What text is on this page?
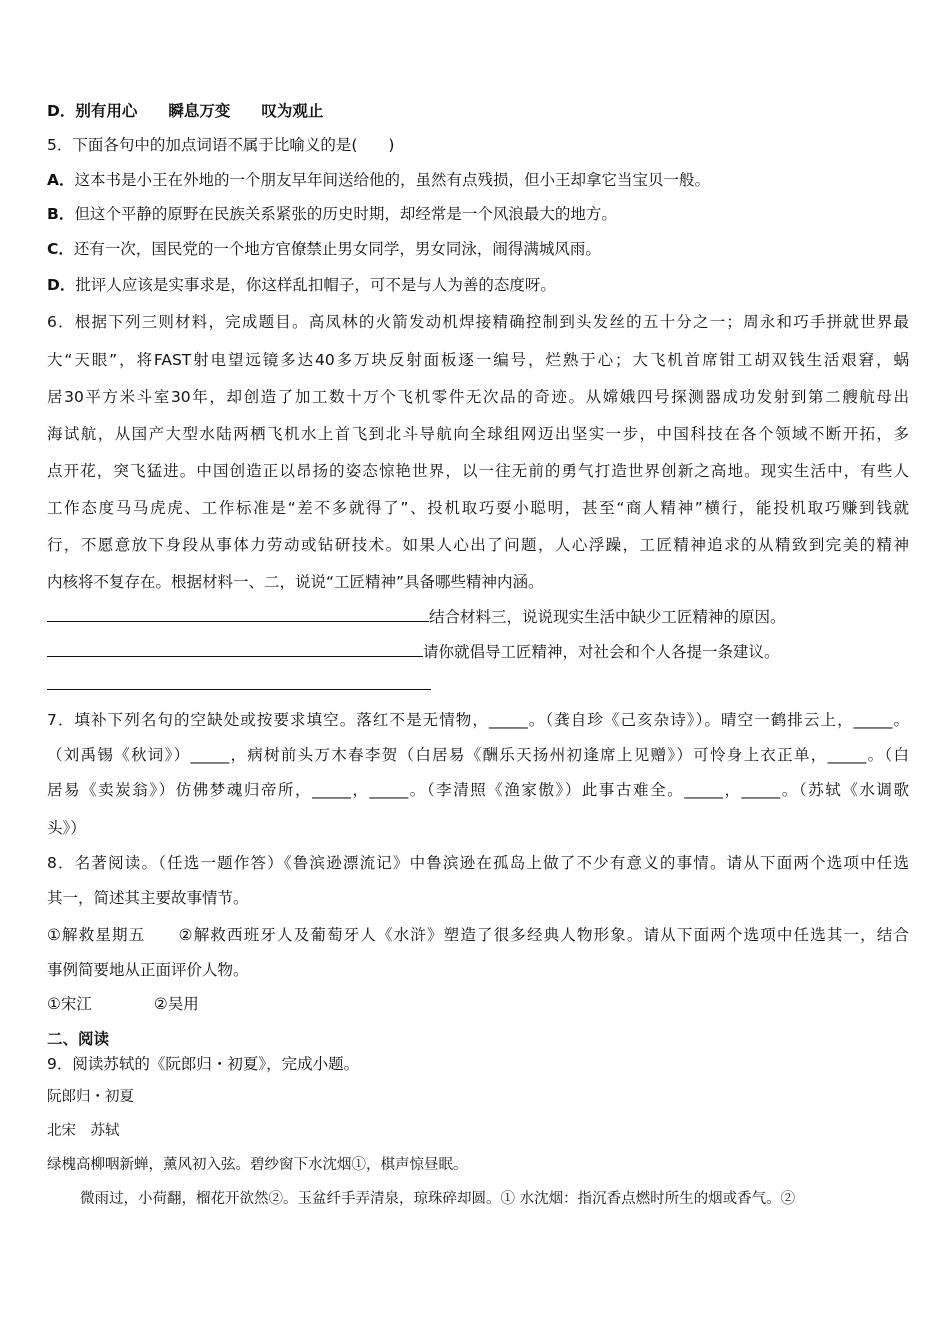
D．别有用心　　瞬息万变　　叹为观止
5．下面各句中的加点词语不属于比喻义的是(　　)
A．这本书是小王在外地的一个朋友早年间送给他的，虽然有点残损，但小王却拿它当宝贝一般。
B．但这个平静的原野在民族关系紧张的历史时期，却经常是一个风浪最大的地方。
C．还有一次，国民党的一个地方官僚禁止男女同学，男女同泳，闹得满城风雨。
D．批评人应该是实事求是，你这样乱扣帽子，可不是与人为善的态度呀。
6．根据下列三则材料，完成题目。高凤林的火箭发动机焊接精确控制到头发丝的五十分之一；周永和巧手拼就世界最
大“天眼”，将FAST射电望远镜多达40多万块反射面板逐一编号，烂熟于心；大飞机首席钳工胡双钱生活艰窘，蜗
居30平方米斗室30年，却创造了加工数十万个飞机零件无次品的奇迹。从嫦娥四号探测器成功发射到第二艘航母出
海试航，从国产大型水陆两栖飞机水上首飞到北斗导航向全球组网迈出坚实一步，中国科技在各个领域不断开拓，多
点开花，突飞猛进。中国创造正以昂扬的姿态惊艳世界，以一往无前的勇气打造世界创新之高地。现实生活中，有些人
工作态度马马虎虎、工作标准是“差不多就得了”、投机取巧耍小聪明，甚至“商人精神”横行，能投机取巧赚到钱就
行，不愿意放下身段从事体力劳动或钻研技术。如果人心出了问题，人心浮躁，工匠精神追求的从精致到完美的精神
内核将不复存在。根据材料一、二，说说“工匠精神”具备哪些精神内涵。
结合材料三，说说现实生活中缺少工匠精神的原因。
请你就倡导工匠精神，对社会和个人各提一条建议。
7．填补下列名句的空缺处或按要求填空。落红不是无情物，_____。（龚自珍《己亥杂诗》）。晴空一鹤排云上，_____。
（刘禹锡《秋词》）_____，病树前头万木春李贺（白居易《酬乐天扬州初逢席上见赠》）可怜身上衣正单，_____。（白
居易《卖炭翁》）仿佛梦魂归帝所，_____，_____。（李清照《渔家傲》）此事古难全。_____，_____。（苏轼《水调歌
头》）
8．名著阅读。（任选一题作答）《鲁滨逊漂流记》中鲁滨逊在孤岛上做了不少有意义的事情。请从下面两个选项中任选
其一，简述其主要故事情节。
①解救星期五　　②解救西班牙人及葡萄牙人《水浒》塑造了很多经典人物形象。请从下面两个选项中任选其一，结合
事例简要地从正面评价人物。
①宋江　　　　②吴用
二、阅读
9．阅读苏轼的《阮郎归・初夏》，完成小题。
阮郎归・初夏
北宋　苏轼
绿槐高柳咽新蝉，薰风初入弦。碧纱窗下水沈烟①，棋声惊昼眠。
微雨过，小荷翻，榴花开欲然②。玉盆纤手弄清泉，琼珠碎却圆。① 水沈烟：指沉香点燃时所生的烟或香气。②
